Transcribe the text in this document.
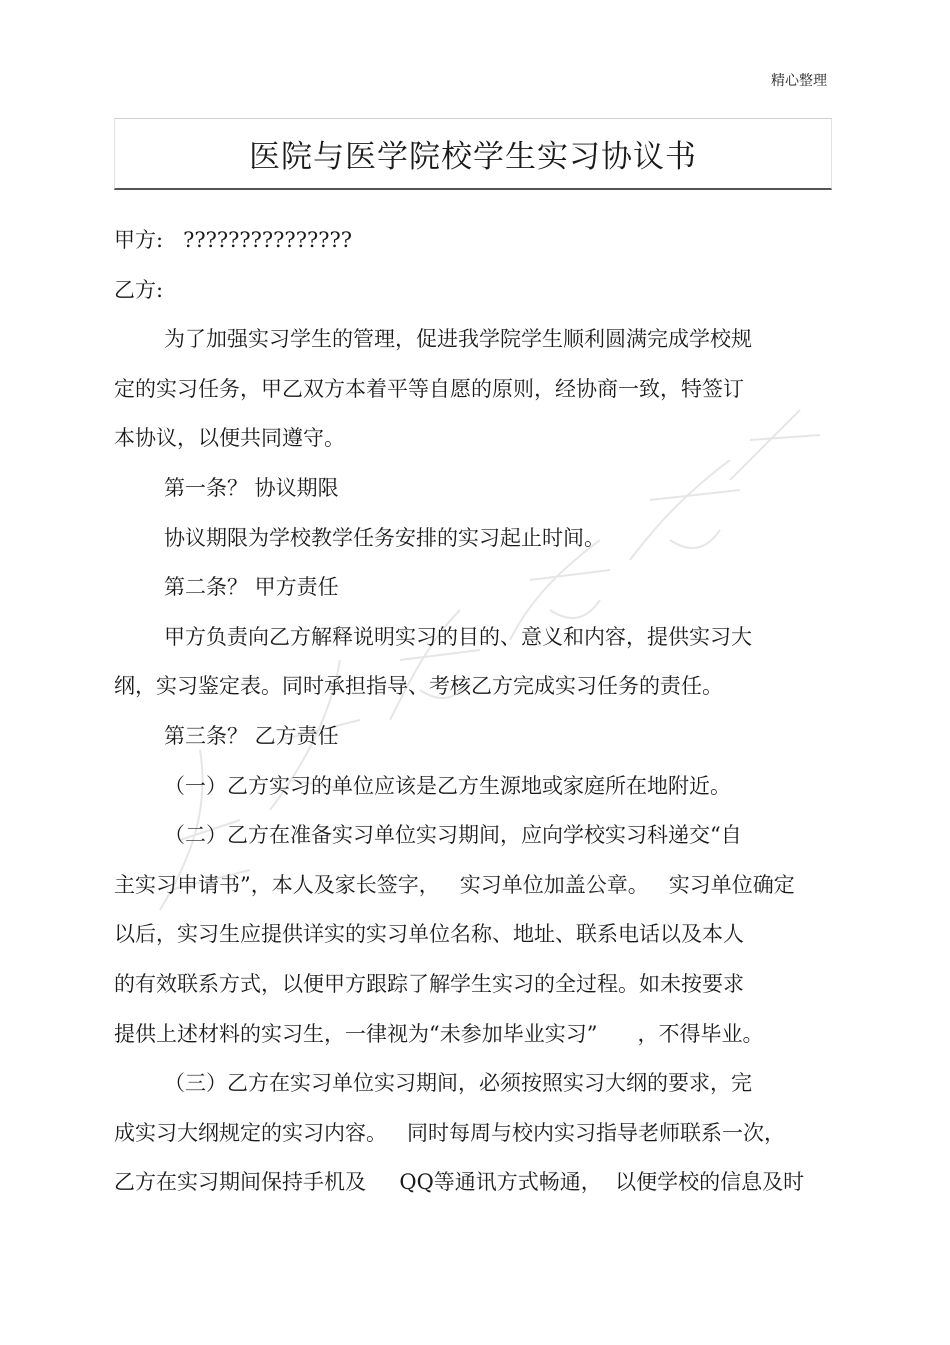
精心整理
医院与医学院校学生实习协议书
甲方:   ???????????????
乙方:
为了加强实习学生的管理，促进我学院学生顺利圆满完成学校规
定的实习任务，甲乙双方本着平等自愿的原则，经协商一致，特签订
本协议，以便共同遵守。
第一条？ 协议期限
协议期限为学校教学任务安排的实习起止时间。
第二条？ 甲方责任
甲方负责向乙方解释说明实习的目的、意义和内容，提供实习大
纲，实习鉴定表。同时承担指导、考核乙方完成实习任务的责任。
第三条？ 乙方责任
（一）乙方实习的单位应该是乙方生源地或家庭所在地附近。
（二）乙方在准备实习单位实习期间，应向学校实习科递交“自
主实习申请书”，本人及家长签字，   实习单位加盖公章。   实习单位确定
以后，实习生应提供详实的实习单位名称、地址、联系电话以及本人
的有效联系方式，以便甲方跟踪了解学生实习的全过程。如未按要求
提供上述材料的实习生，一律视为“未参加毕业实习”      ，不得毕业。
（三）乙方在实习单位实习期间，必须按照实习大纲的要求，完
成实习大纲规定的实习内容。   同时每周与校内实习指导老师联系一次，
乙方在实习期间保持手机及     QQ等通讯方式畅通，  以便学校的信息及时
